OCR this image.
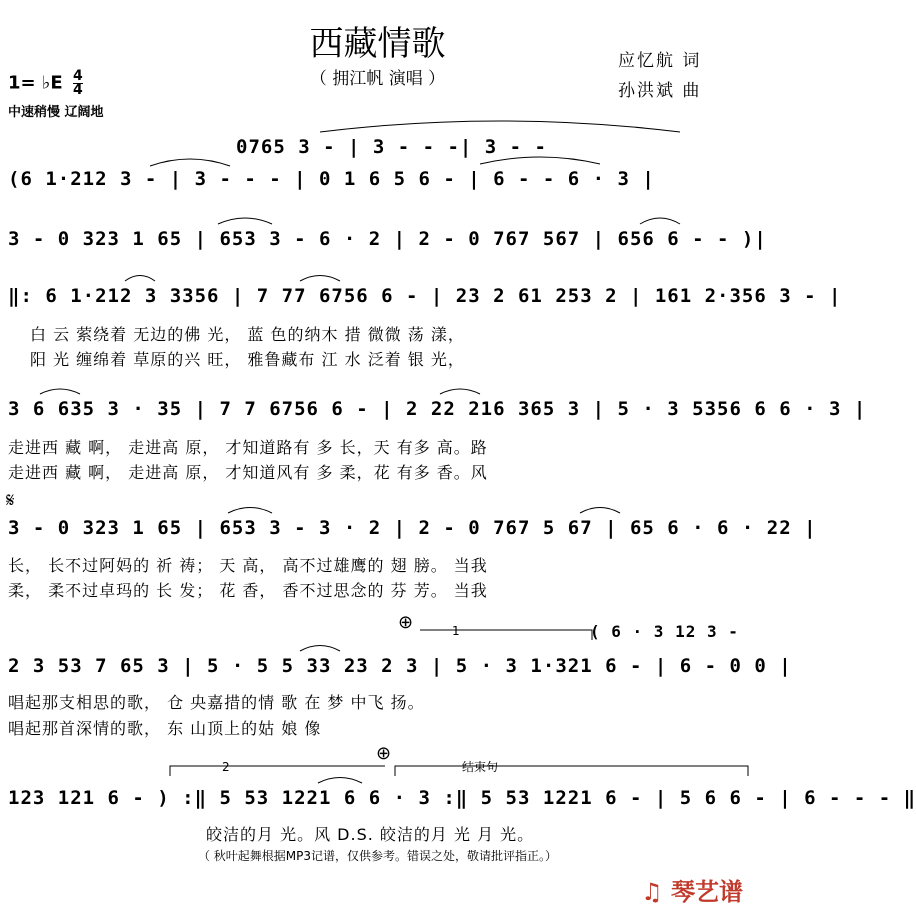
西藏情歌
（ 拥江帆 演唱 ）
应忆航 词
孙洪斌 曲
1= ♭E $\frac{4}{4}$
中速稍慢 辽阔地
0765 3 - | 3 - - -| 3 - -
(6 1·212 3 - | 3 - - - | 0 1 6 5 6 - | 6 - - 6 · 3 |
3 - 0 323 1 65 | 653 3 - 6 · 2 | 2 - 0 767 567 | 656 6 - - )|
‖: 6 1·212 3 3356 | 7 77 6756 6 - | 23 2 61 253 2 | 161 2·356 3 - |
白 云 萦绕着 无边的佛 光， 蓝 色的纳木 措 微微 荡 漾，
阳 光 缠绵着 草原的兴 旺， 雅鲁藏布 江 水 泛着 银 光，
3 6 635 3 · 35 | 7 7 6756 6 - | 2 22 216 365 3 | 5 · 3 5356 6 6 · 3 |
走进西 藏 啊， 走进高 原， 才知道路有 多 长，天 有多 高。路
走进西 藏 啊， 走进高 原， 才知道风有 多 柔，花 有多 香。风
𝄋
3 - 0 323 1 65 | 653 3 - 3 · 2 | 2 - 0 767 5 67 | 65 6 · 6 · 22 |
长， 长不过阿妈的 祈 祷； 天 高， 高不过雄鹰的 翅 膀。 当我
柔， 柔不过卓玛的 长 发； 花 香， 香不过思念的 芬 芳。 当我
⊕	1	( 6 · 3 12 3 -
2 3 53 7 65 3 | 5 · 5 5 33 23 2 3 | 5 · 3 1·321 6 - | 6 - 0 0 |
唱起那支相思的歌， 仓 央嘉措的情 歌 在 梦 中飞 扬。
唱起那首深情的歌， 东 山顶上的姑 娘 像
⊕
2	结束句
123 121 6 - ) :‖ 5 53 1221 6 6 · 3 :‖ 5 53 1221 6 - | 5 6 6 - | 6 - - - ‖
皎洁的月 光。风 D.S. 皎洁的月 光 月 光。
（ 秋叶起舞根据MP3记谱，仅供参考。错误之处，敬请批评指正。）
♫ 琴艺谱
